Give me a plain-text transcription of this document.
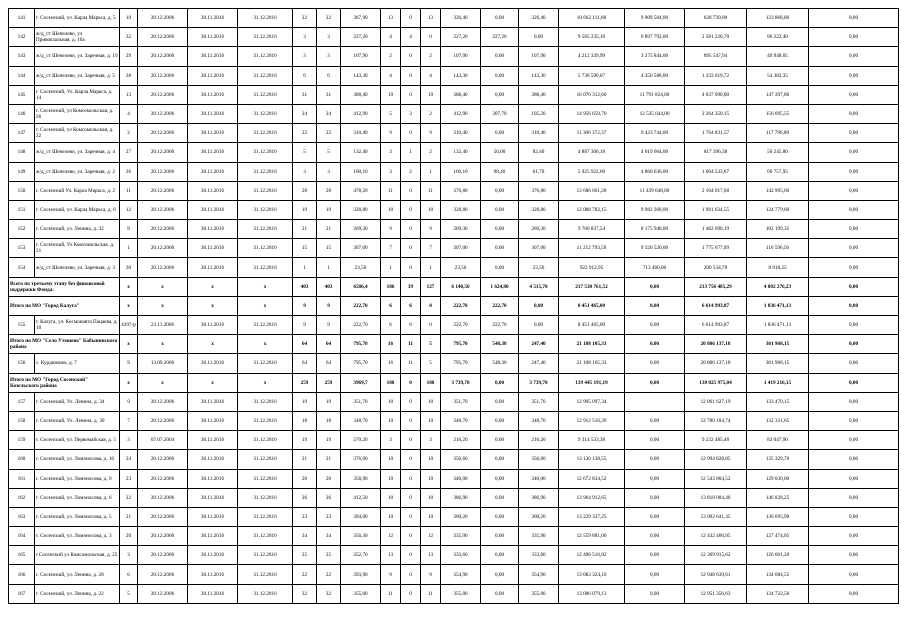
141	г. Сосенский, ул. Карла Маркса, д. 5	10	20.12.2006	30.11.2016	31.12.2016	22	22	367,90	13	0	13	326,40	0,00	326,40	10 662 111,80	9 909 504,00	628 739,00	123 868,80	0,00
142	ж/д_ст Шепелево, ул Привокзальная, д. 10а	32	20.12.2006	30.11.2016	31.12.2016	3	3	227,20	4	4	0	227,20	227,20	0,00	9 565 235,10	6 897 792,00	2 581 220,70	86 222,40	0,00
143	ж/д_ст Шепелево, ул. Заречная, д. 19	29	20.12.2006	30.11.2016	31.12.2016	3	3	107,90	2	0	2	107,90	0,00	107,90	4 212 339,99	3 275 844,00	895 547,94	40 948,05	0,00
144	ж/д_ст Шепелево, ул. Заречная, д. 5	28	20.12.2006	30.11.2016	31.12.2016	6	6	143,30	4	0	4	143,30	0,00	143,30	5 738 590,07	4 350 588,00	1 333 619,72	54 382,35	0,00
145	г. Сосенский, Ул. Карла Маркса, д. 14	13	20.12.2006	30.11.2016	31.12.2016	31	31	388,40	10	0	10	388,40	0,00	388,40	16 076 312,60	11 791 824,00	4 037 090,80	147 397,80	0,00
146	г. Сосенский, ул Комсомольская, д. 26	4	20.12.2006	30.11.2016	31.12.2016	24	24	412,90	5	3	2	412,90	307,70	105,20	14 956 659,70	12 535 644,00	2 264 350,15	156 695,55	0,00
147	г. Сосенский, ул Комсомольская, д. 22	2	20.12.2006	30.11.2016	31.12.2016	22	22	310,40	9	0	9	310,40	0,00	310,40	11 306 372,37	9 423 744,00	1 764 831,57	117 796,80	0,00
148	ж/д_ст Шепелево, ул. Заречная, д. 4	27	20.12.2006	30.11.2016	31.12.2016	5	5	132,40	3	1	2	132,40	50,00	82,40	4 887 306,18	4 019 664,00	817 396,38	50 245,80	0,00
149	ж/д_ст Шепелево, ул. Заречная, д. 2	26	20.12.2006	30.11.2016	31.12.2016	3	3	160,10	3	2	1	160,10	98,40	61,70	5 925 922,60	4 860 636,00	1 004 533,67	60 757,95	0,00
150	г. Сосенский Ул. Карла Маркса, д. 2	11	20.12.2006	30.11.2016	31.12.2016	28	28	478,20	11	0	11	376,80	0,00	376,80	13 686 661,28	11 439 648,00	2 104 017,68	142 995,60	0,00
151	г. Сосенский, ул. Карла Маркса, д. 6	12	20.12.2006	30.11.2016	31.12.2016	19	19	328,80	10	0	10	328,80	0,00	328,80	12 088 782,15	9 982 368,00	1 981 634,55	124 779,60	0,00
152	г. Сосенский, ул. Ленина, д. 32	8	20.12.2006	30.11.2016	31.12.2016	21	21	269,30	9	0	9	269,30	0,00	269,30	9 760 837,54	8 175 948,00	1 482 690,19	102 199,35	0,00
153	г. Сосенский, Ул Комсомольская, д. 21	1	20.12.2006	30.11.2016	31.12.2016	15	15	307,00	7	0	7	307,00	0,00	307,00	11 212 793,59	9 320 520,00	1 775 677,09	116 596,50	0,00
154	ж/д_ст Шепелево, ул. Заречная, д. 3	30	20.12.2006	30.11.2016	31.12.2016	1	1	23,50	1	0	1	23,50	0,00	23,50	922 912,95	713 460,00	200 534,70	8 918,25	0,00
Всего по третьему этапу без финансовой поддержки Фонда:		x	x	x	x	403	403	6586,4	186	39	127	6 140,50	1 624,80	4 515,70	217 538 761,52	0,00	213 756 485,29	4 082 276,23	0,00
Итого по МО "Город Калуга"		x	x	x	x	9	9	222,70	6	6	0	222,70	222,70	0,00	8 451 465,00	0,00	6 614 993,87	1 836 471,13	0,00
155	г. Калуга, ул. Космонавта Пацаева, д. 10	4397-р	23.11.2006	30.11.2016	31.12.2016	9	9	222,70	6	6	0	222,70	222,70	0,00	8 451 465,00	0,00	6 614 993,87	1 836 471,13	0,00
Итого по МО "Село Утешево" Бабынинского района		x	x	x	x	64	64	795,70	16	11	5	795,70	548,30	247,40	21 108 105,33	0,00	20 806 137,18	301 968,15	0,00
156	с. Курдюмово, д. 7	9	13.09.2006	30.11.2016	31.12.2016	64	64	795,70	16	11	5	795,70	548,30	247,40	21 108 105,33	0,00	20 806 137,18	301 968,15	0,00
Итого по МО "Город Сосенский" Козельского района		x	x	x	x	259	259	3969,7	108	0	108	3 739,70	0,00	3 739,70	139 445 191,19	0,00	138 025 975,04	1 419 216,15	0,00
157	г. Сосенский, Ул. Ленина, д. 34	9	20.12.2006	30.11.2016	31.12.2016	19	19	351,70	10	0	10	351,70	0,00	351,70	12 995 097,34		12 861 627,19	133 470,15	0,00
158	г. Сосенский, Ул. Ленина, д. 30	7	20.12.2006	30.11.2016	31.12.2016	18	18	348,70	10	0	10	348,70	0,00	348,70	12 912 516,39	0,00	12 780 184,74	132 331,65	0,00
159	г. Сосенский, ул. Первомайская, д. 5	3	07.07.2004	30.11.2016	31.12.2016	19	19	270,20	3	0	3	216,20	0,00	216,20	9 314 533,38	0,00	9 232 485,48	82 047,90	0,00
160	г. Сосенский, ул. Ломоносова, д. 10	24	20.12.2006	30.11.2016	31.12.2016	21	21	376,00	10	0	10	356,60	0,00	356,60	13 130 138,55	0,00	12 994 828,85	135 329,70	0,00
161	г. Сосенский, ул. Ломоносова, д. 9	23	20.12.2006	30.11.2016	31.12.2016	20	20	358,90	10	0	10	340,00	0,00	340,00	12 672 834,52	0,00	12 543 804,52	129 030,00	0,00
162	г. Сосенский, ул. Ломоносова, д. 6	22	20.12.2006	30.11.2016	31.12.2016	26	26	412,50	10	0	10	386,90	0,00	386,90	13 964 912,65	0,00	13 818 084,40	146 828,25	0,00
163	г. Сосенский, ул. Ломоносова, д. 5	21	20.12.2006	30.11.2016	31.12.2016	23	23	394,00	10	0	10	360,20	0,00	360,20	13 229 337,25	0,00	13 092 641,35	136 695,90	0,00
164	г. Сосенский, ул. Ломоносова, д. 3	20	20.12.2006	30.11.2016	31.12.2016	34	34	356,30	12	0	12	335,90	0,00	335,90	12 559 881,00	0,00	12 432 406,95	127 474,05	0,00
165	г.Сосенский ул Комсомольская, д. 25	3	20.12.2006	30.11.2016	31.12.2016	25	25	352,70	13	0	13	333,60	0,00	333,60	12 496 516,82	0,00	12 369 915,62	126 601,20	0,00
166	г. Сосенский, ул. Ленина, д. 28	6	20.12.2006	30.11.2016	31.12.2016	22	22	393,90	9	0	9	354,90	0,00	354,90	13 083 324,16	0,00	12 948 639,61	134 684,55	0,00
167	г. Сосенский, ул. Ленина, д. 22	5	20.12.2006	30.11.2016	31.12.2016	32	32	355,00	11	0	11	355,00	0,00	355,00	13 086 079,13	0,00	12 951 356,63	134 722,50	0,00
